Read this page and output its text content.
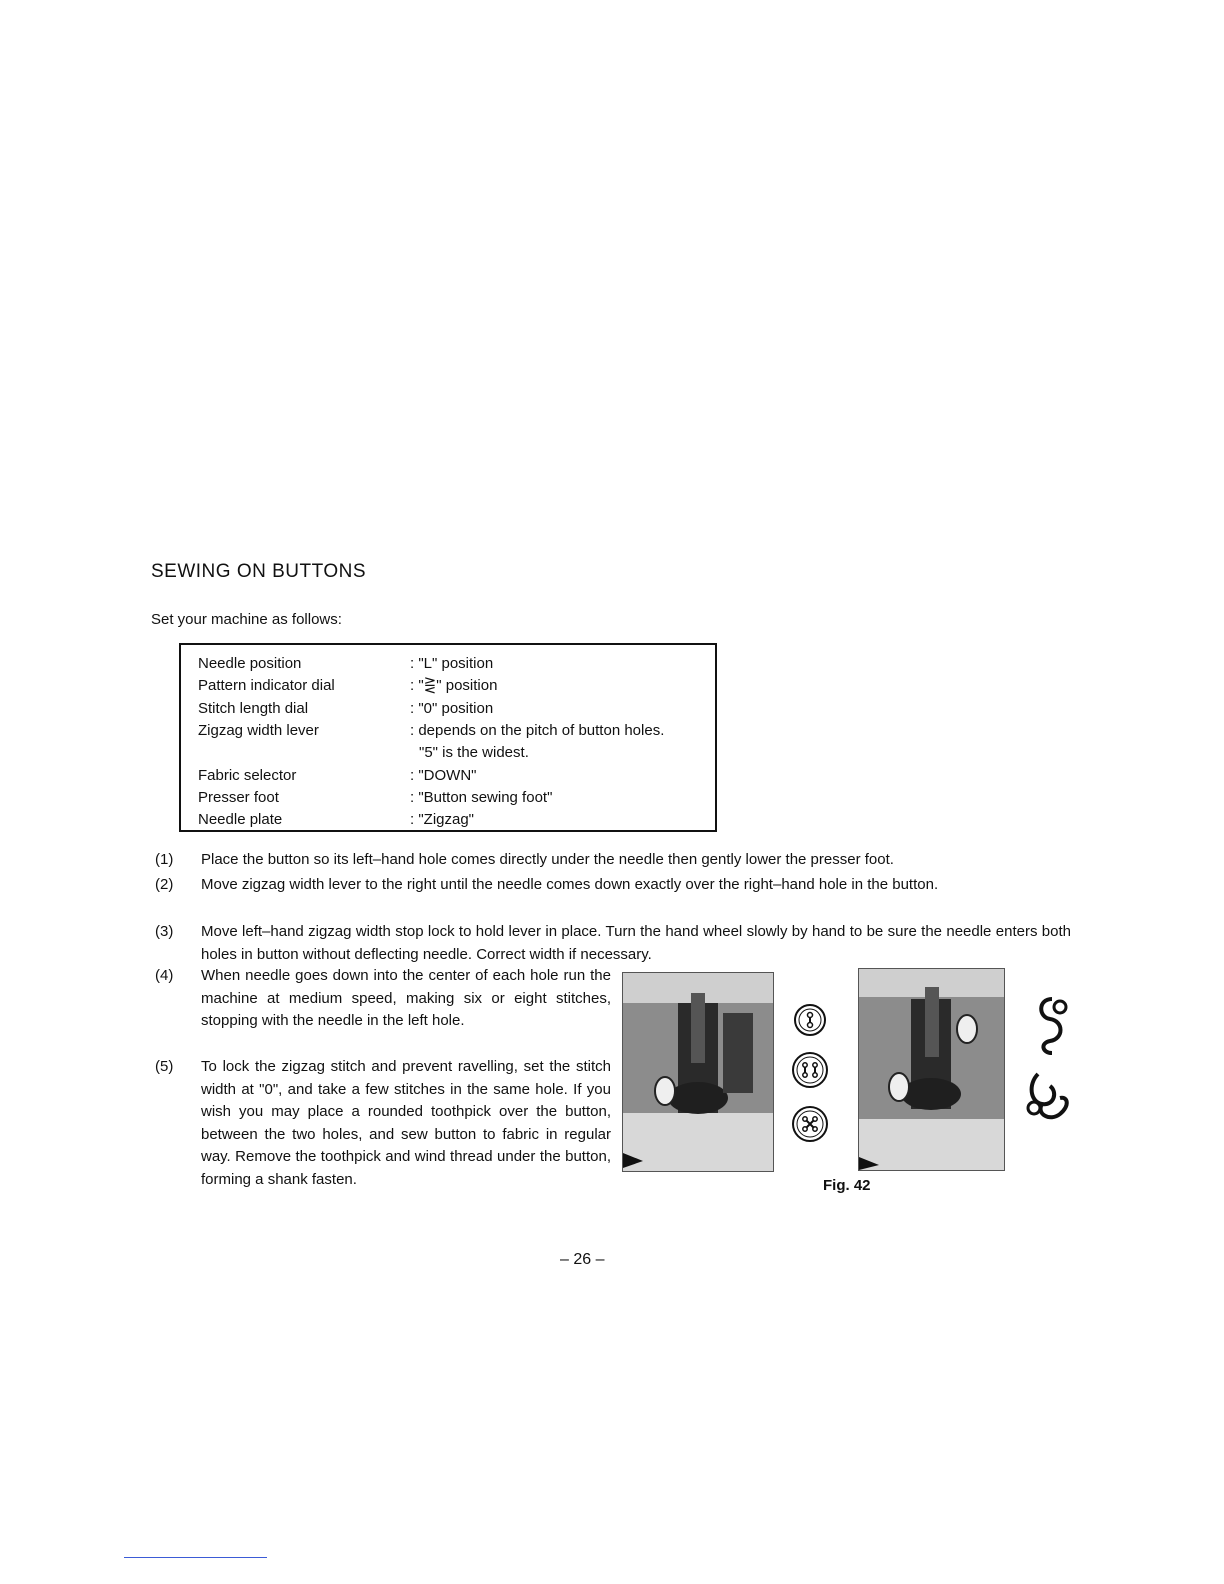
SEWING ON BUTTONS
Set your machine as follows:
Needle position	: "L" position
Pattern indicator dial	: "⋛" position
Stitch length dial	: "0" position
Zigzag width lever	: depends on the pitch of button holes.
"5" is the widest.
Fabric selector	: "DOWN"
Presser foot	: "Button sewing foot"
Needle plate	: "Zigzag"
(1) Place the button so its left–hand hole comes directly under the needle then gently lower the presser foot.
(2) Move zigzag width lever to the right until the needle comes down exactly over the right–hand hole in the button.
(3) Move left–hand zigzag width stop lock to hold lever in place. Turn the hand wheel slowly by hand to be sure the needle enters both holes in button without deflecting needle. Correct width if necessary.
(4) When needle goes down into the center of each hole run the machine at medium speed, making six or eight stitches, stopping with the needle in the left hole.
(5) To lock the zigzag stitch and prevent ravelling, set the stitch width at "0", and take a few stitches in the same hole. If you wish you may place a rounded toothpick over the button, between the two holes, and sew button to fabric in regular way. Remove the toothpick and wind thread under the button, forming a shank fasten.	Fig. 42
– 26 –
